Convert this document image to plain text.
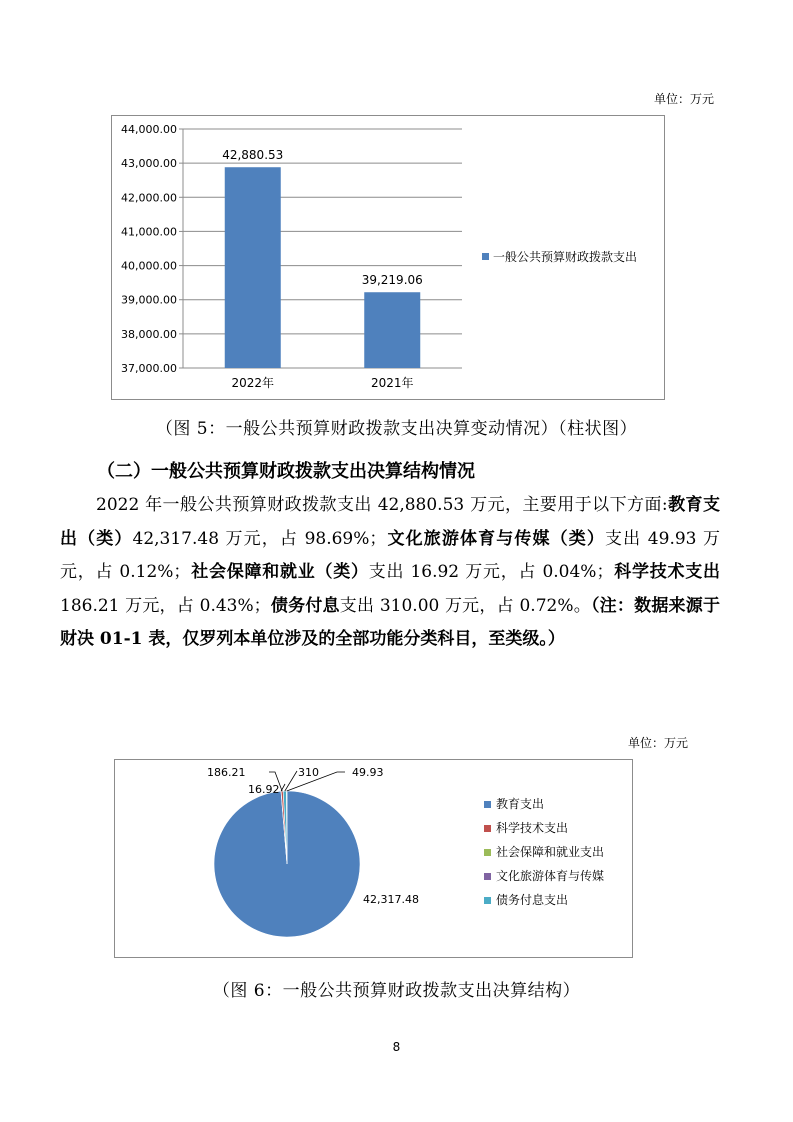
单位：万元
44,000.00
43,000.00
42,000.00
41,000.00
40,000.00
39,000.00
38,000.00
37,000.00
42,880.53
2022年
39,219.06
2021年
一般公共预算财政拨款支出
（图 5：一般公共预算财政拨款支出决算变动情况）（柱状图）
（二）一般公共预算财政拨款支出决算结构情况

2022 年一般公共预算财政拨款支出 42,880.53 万元，主要用于以下方面:教育支出（类）42,317.48 万元，占 98.69%；文化旅游体育与传媒（类）支出 49.93 万元，占 0.12%；社会保障和就业（类）支出 16.92 万元，占 0.04%；科学技术支出 186.21 万元，占 0.43%；债务付息支出 310.00 万元，占 0.72%。（注：数据来源于财决 01-1 表，仅罗列本单位涉及的全部功能分类科目，至类级。）

单位：万元
42,317.48
186.21
16.92
310	49.93
教育支出
科学技术支出
社会保障和就业支出
文化旅游体育与传媒
债务付息支出
（图 6：一般公共预算财政拨款支出决算结构）
8
